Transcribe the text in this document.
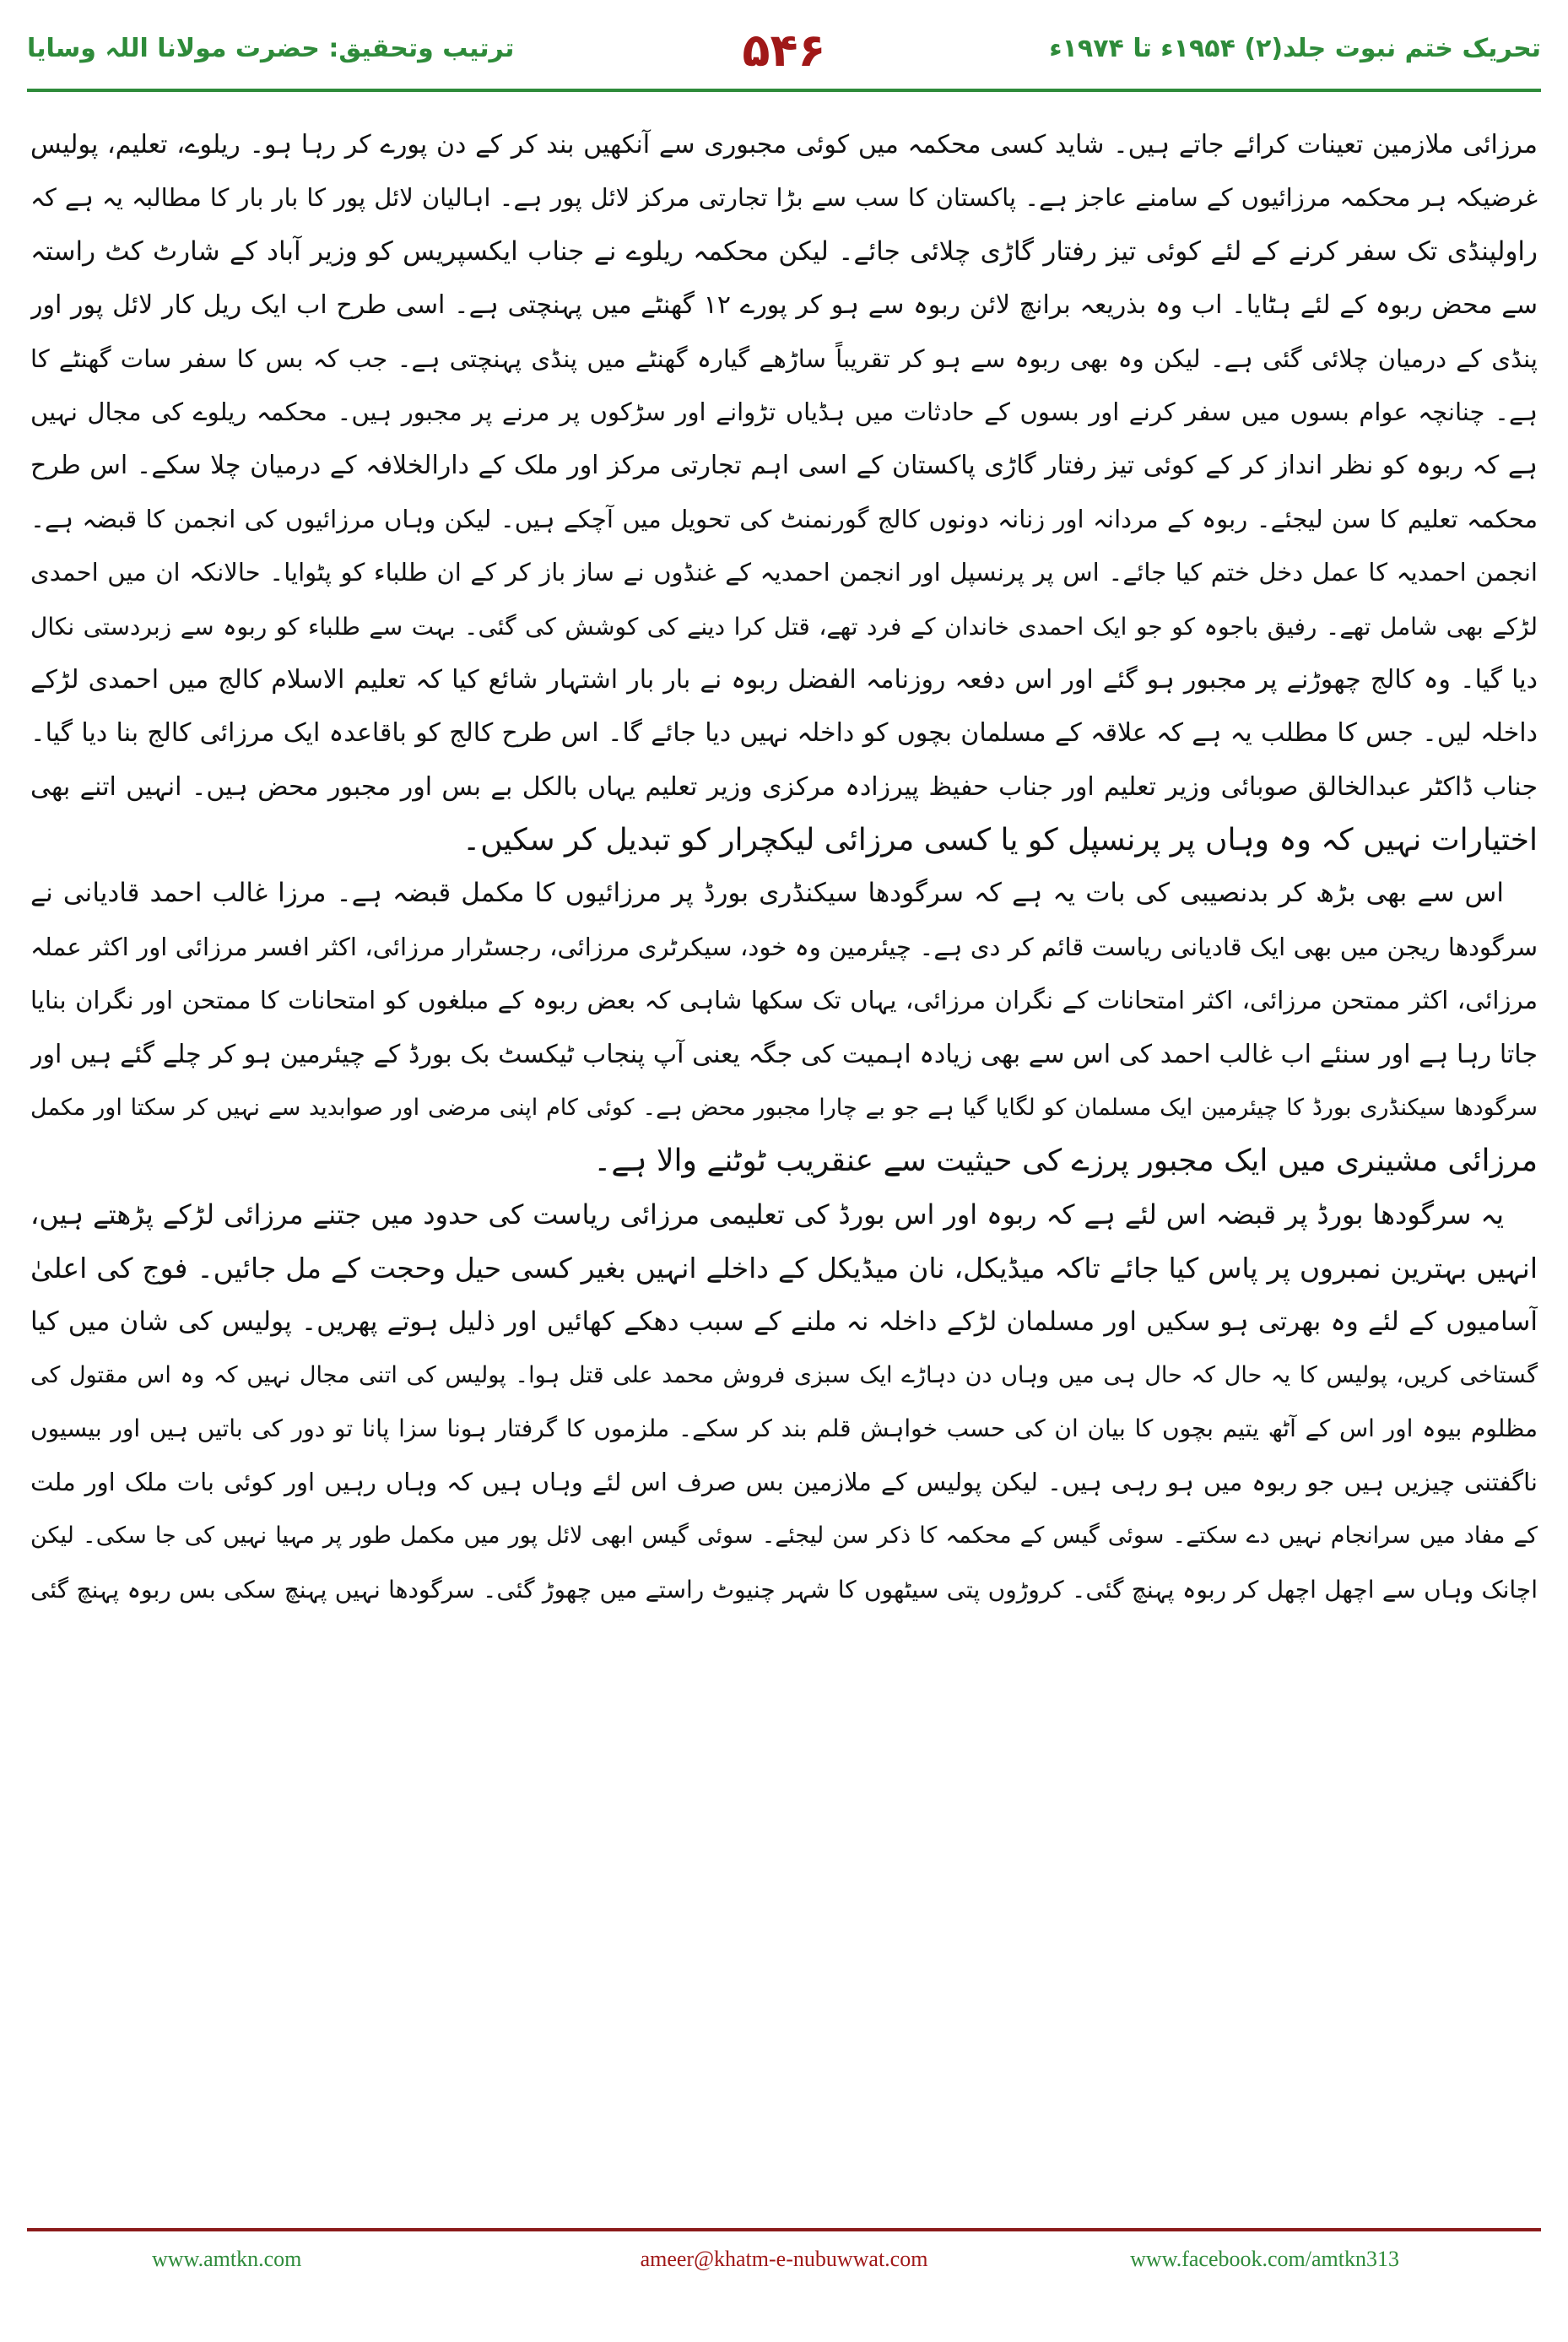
ترتیب وتحقیق: حضرت مولانا اللہ وسایا	۵۴۶	تحریک ختم نبوت جلد(۲) ۱۹۵۴ء تا ۱۹۷۴ء
مرزائی ملازمین تعینات کرائے جاتے ہیں۔ شاید کسی محکمہ میں کوئی مجبوری سے آنکھیں بند کر کے دن پورے کر رہا ہو۔ ریلوے، تعلیم، پولیس
غرضیکہ ہر محکمہ مرزائیوں کے سامنے عاجز ہے۔ پاکستان کا سب سے بڑا تجارتی مرکز لائل پور ہے۔ اہالیان لائل پور کا بار بار کا مطالبہ یہ ہے کہ
راولپنڈی تک سفر کرنے کے لئے کوئی تیز رفتار گاڑی چلائی جائے۔ لیکن محکمہ ریلوے نے جناب ایکسپریس کو وزیر آباد کے شارٹ کٹ راستہ
سے محض ربوہ کے لئے ہٹایا۔ اب وہ بذریعہ برانچ لائن ربوہ سے ہو کر پورے ۱۲ گھنٹے میں پہنچتی ہے۔ اسی طرح اب ایک ریل کار لائل پور اور
پنڈی کے درمیان چلائی گئی ہے۔ لیکن وہ بھی ربوہ سے ہو کر تقریباً ساڑھے گیارہ گھنٹے میں پنڈی پہنچتی ہے۔ جب کہ بس کا سفر سات گھنٹے کا
ہے۔ چنانچہ عوام بسوں میں سفر کرنے اور بسوں کے حادثات میں ہڈیاں تڑوانے اور سڑکوں پر مرنے پر مجبور ہیں۔ محکمہ ریلوے کی مجال نہیں
ہے کہ ربوہ کو نظر انداز کر کے کوئی تیز رفتار گاڑی پاکستان کے اسی اہم تجارتی مرکز اور ملک کے دارالخلافہ کے درمیان چلا سکے۔ اس طرح
محکمہ تعلیم کا سن لیجئے۔ ربوہ کے مردانہ اور زنانہ دونوں کالج گورنمنٹ کی تحویل میں آچکے ہیں۔ لیکن وہاں مرزائیوں کی انجمن کا قبضہ ہے۔
انجمن احمدیہ کا عمل دخل ختم کیا جائے۔ اس پر پرنسپل اور انجمن احمدیہ کے غنڈوں نے ساز باز کر کے ان طلباء کو پٹوایا۔ حالانکہ ان میں احمدی
لڑکے بھی شامل تھے۔ رفیق باجوہ کو جو ایک احمدی خاندان کے فرد تھے، قتل کرا دینے کی کوشش کی گئی۔ بہت سے طلباء کو ربوہ سے زبردستی نکال
دیا گیا۔ وہ کالج چھوڑنے پر مجبور ہو گئے اور اس دفعہ روزنامہ الفضل ربوہ نے بار بار اشتہار شائع کیا کہ تعلیم الاسلام کالج میں احمدی لڑکے
داخلہ لیں۔ جس کا مطلب یہ ہے کہ علاقہ کے مسلمان بچوں کو داخلہ نہیں دیا جائے گا۔ اس طرح کالج کو باقاعدہ ایک مرزائی کالج بنا دیا گیا۔
جناب ڈاکٹر عبدالخالق صوبائی وزیر تعلیم اور جناب حفیظ پیرزادہ مرکزی وزیر تعلیم یہاں بالکل بے بس اور مجبور محض ہیں۔ انہیں اتنے بھی
اختیارات نہیں کہ وہ وہاں پر پرنسپل کو یا کسی مرزائی لیکچرار کو تبدیل کر سکیں۔
اس سے بھی بڑھ کر بدنصیبی کی بات یہ ہے کہ سرگودھا سیکنڈری بورڈ پر مرزائیوں کا مکمل قبضہ ہے۔ مرزا غالب احمد قادیانی نے
سرگودھا ریجن میں بھی ایک قادیانی ریاست قائم کر دی ہے۔ چیئرمین وہ خود، سیکرٹری مرزائی، رجسٹرار مرزائی، اکثر افسر مرزائی اور اکثر عملہ
مرزائی، اکثر ممتحن مرزائی، اکثر امتحانات کے نگران مرزائی، یہاں تک سکھا شاہی کہ بعض ربوہ کے مبلغوں کو امتحانات کا ممتحن اور نگران بنایا
جاتا رہا ہے اور سنئے اب غالب احمد کی اس سے بھی زیادہ اہمیت کی جگہ یعنی آپ پنجاب ٹیکسٹ بک بورڈ کے چیئرمین ہو کر چلے گئے ہیں اور
سرگودھا سیکنڈری بورڈ کا چیئرمین ایک مسلمان کو لگایا گیا ہے جو بے چارا مجبور محض ہے۔ کوئی کام اپنی مرضی اور صوابدید سے نہیں کر سکتا اور مکمل
مرزائی مشینری میں ایک مجبور پرزے کی حیثیت سے عنقریب ٹوٹنے والا ہے۔
یہ سرگودھا بورڈ پر قبضہ اس لئے ہے کہ ربوہ اور اس بورڈ کی تعلیمی مرزائی ریاست کی حدود میں جتنے مرزائی لڑکے پڑھتے ہیں،
انہیں بہترین نمبروں پر پاس کیا جائے تاکہ میڈیکل، نان میڈیکل کے داخلے انہیں بغیر کسی حیل وحجت کے مل جائیں۔ فوج کی اعلیٰ
آسامیوں کے لئے وہ بھرتی ہو سکیں اور مسلمان لڑکے داخلہ نہ ملنے کے سبب دھکے کھائیں اور ذلیل ہوتے پھریں۔ پولیس کی شان میں کیا
گستاخی کریں، پولیس کا یہ حال کہ حال ہی میں وہاں دن دہاڑے ایک سبزی فروش محمد علی قتل ہوا۔ پولیس کی اتنی مجال نہیں کہ وہ اس مقتول کی
مظلوم بیوہ اور اس کے آٹھ یتیم بچوں کا بیان ان کی حسب خواہش قلم بند کر سکے۔ ملزموں کا گرفتار ہونا سزا پانا تو دور کی باتیں ہیں اور بیسیوں
ناگفتنی چیزیں ہیں جو ربوہ میں ہو رہی ہیں۔ لیکن پولیس کے ملازمین بس صرف اس لئے وہاں ہیں کہ وہاں رہیں اور کوئی بات ملک اور ملت
کے مفاد میں سرانجام نہیں دے سکتے۔ سوئی گیس کے محکمہ کا ذکر سن لیجئے۔ سوئی گیس ابھی لائل پور میں مکمل طور پر مہیا نہیں کی جا سکی۔ لیکن
اچانک وہاں سے اچھل اچھل کر ربوہ پہنچ گئی۔ کروڑوں پتی سیٹھوں کا شہر چنیوٹ راستے میں چھوڑ گئی۔ سرگودھا نہیں پہنچ سکی بس ربوہ پہنچ گئی
www.amtkn.com	ameer@khatm-e-nubuwwat.com	www.facebook.com/amtkn313
